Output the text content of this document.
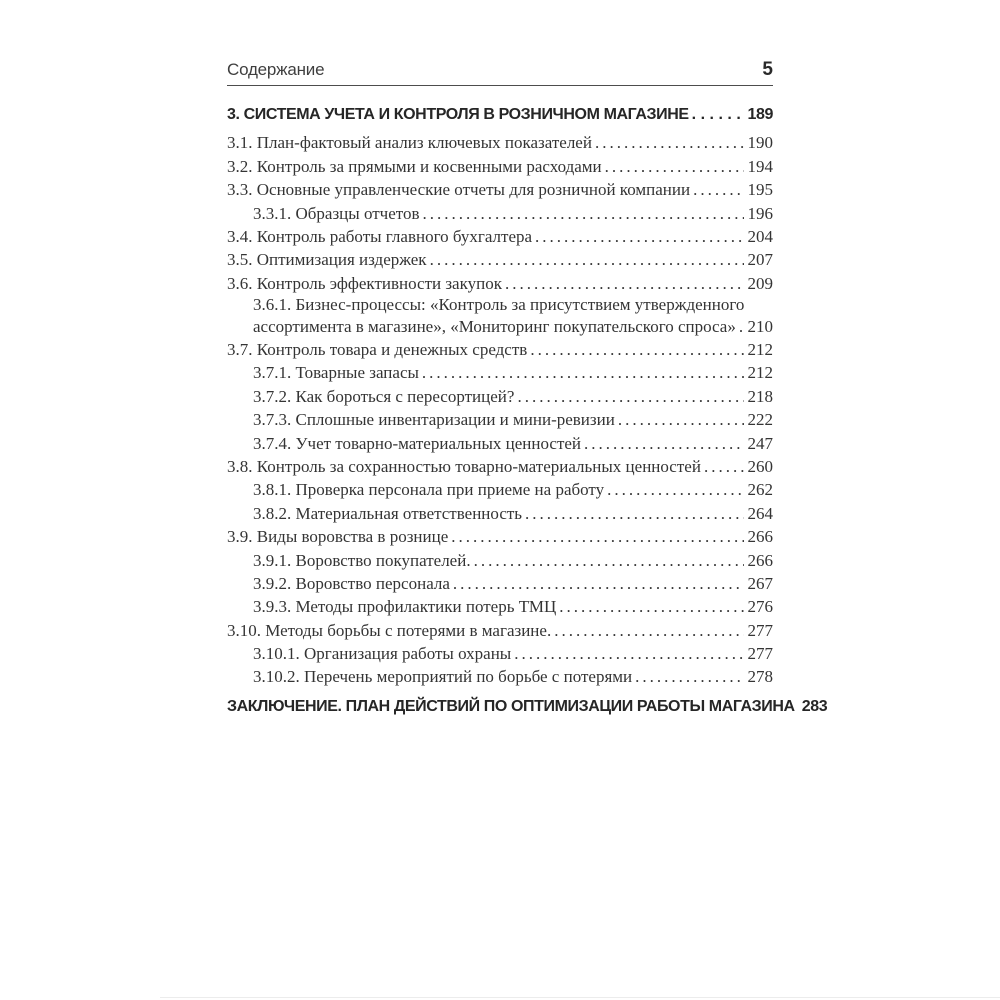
Содержание	5
3. СИСТЕМА УЧЕТА И КОНТРОЛЯ В РОЗНИЧНОМ МАГАЗИНЕ .....	189
3.1. План-фактовый анализ ключевых показателей .....	190
3.2. Контроль за прямыми и косвенными расходами .....	194
3.3. Основные управленческие отчеты для розничной компании .....	195
3.3.1. Образцы отчетов .....	196
3.4. Контроль работы главного бухгалтера .....	204
3.5. Оптимизация издержек .....	207
3.6. Контроль эффективности закупок .....	209
3.6.1. Бизнес-процессы: «Контроль за присутствием утвержденного
ассортимента в магазине», «Мониторинг покупательского спроса» ..... 210
3.7. Контроль товара и денежных средств .....	212
3.7.1. Товарные запасы .....	212
3.7.2. Как бороться с пересортицей? .....	218
3.7.3. Сплошные инвентаризации и мини-ревизии .....	222
3.7.4. Учет товарно-материальных ценностей .....	247
3.8. Контроль за сохранностью товарно-материальных ценностей .....	260
3.8.1. Проверка персонала при приеме на работу .....	262
3.8.2. Материальная ответственность .....	264
3.9. Виды воровства в рознице .....	266
3.9.1. Воровство покупателей. .....	266
3.9.2. Воровство персонала .....	267
3.9.3. Методы профилактики потерь ТМЦ .....	276
3.10. Методы борьбы с потерями в магазине. .....	277
3.10.1. Организация работы охраны .....	277
3.10.2. Перечень мероприятий по борьбе с потерями .....	278
ЗАКЛЮЧЕНИЕ. ПЛАН ДЕЙСТВИЙ ПО ОПТИМИЗАЦИИ РАБОТЫ МАГАЗИНА ..... 283
